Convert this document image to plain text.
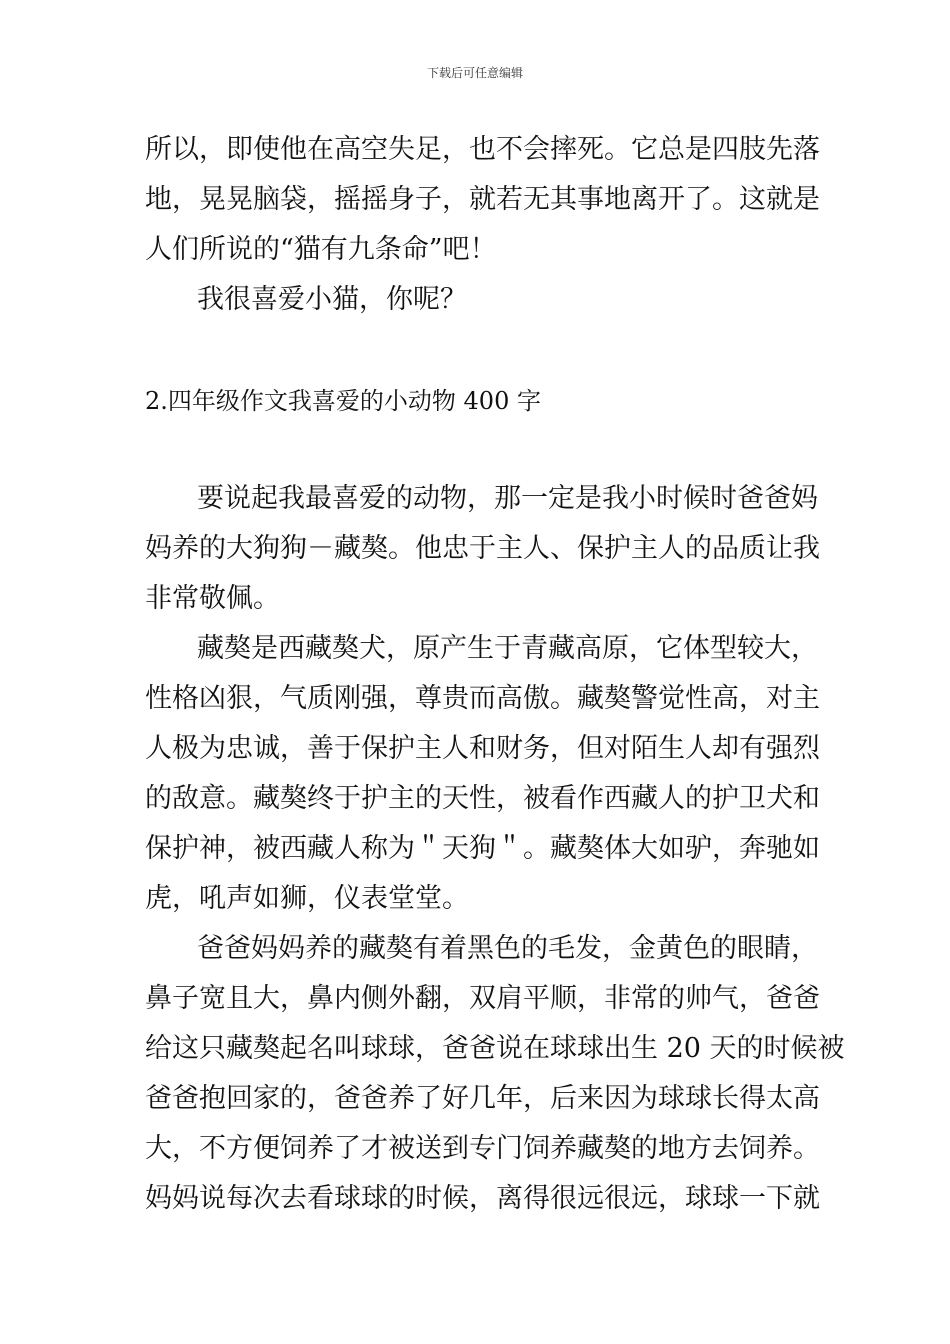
下载后可任意编辑
所以，即使他在高空失足，也不会摔死。它总是四肢先落
地，晃晃脑袋，摇摇身子，就若无其事地离开了。这就是
人们所说的“猫有九条命”吧！
我很喜爱小猫，你呢？
2.四年级作文我喜爱的小动物 400 字
要说起我最喜爱的动物，那一定是我小时候时爸爸妈
妈养的大狗狗－藏獒。他忠于主人、保护主人的品质让我
非常敬佩。
藏獒是西藏獒犬，原产生于青藏高原，它体型较大，
性格凶狠，气质刚强，尊贵而高傲。藏獒警觉性高，对主
人极为忠诚，善于保护主人和财务，但对陌生人却有强烈
的敌意。藏獒终于护主的天性，被看作西藏人的护卫犬和
保护神，被西藏人称为＂天狗＂。藏獒体大如驴，奔驰如
虎，吼声如狮，仪表堂堂。
爸爸妈妈养的藏獒有着黑色的毛发，金黄色的眼睛，
鼻子宽且大，鼻内侧外翻，双肩平顺，非常的帅气，爸爸
给这只藏獒起名叫球球，爸爸说在球球出生 20 天的时候被
爸爸抱回家的，爸爸养了好几年，后来因为球球长得太高
大，不方便饲养了才被送到专门饲养藏獒的地方去饲养。
妈妈说每次去看球球的时候，离得很远很远，球球一下就
